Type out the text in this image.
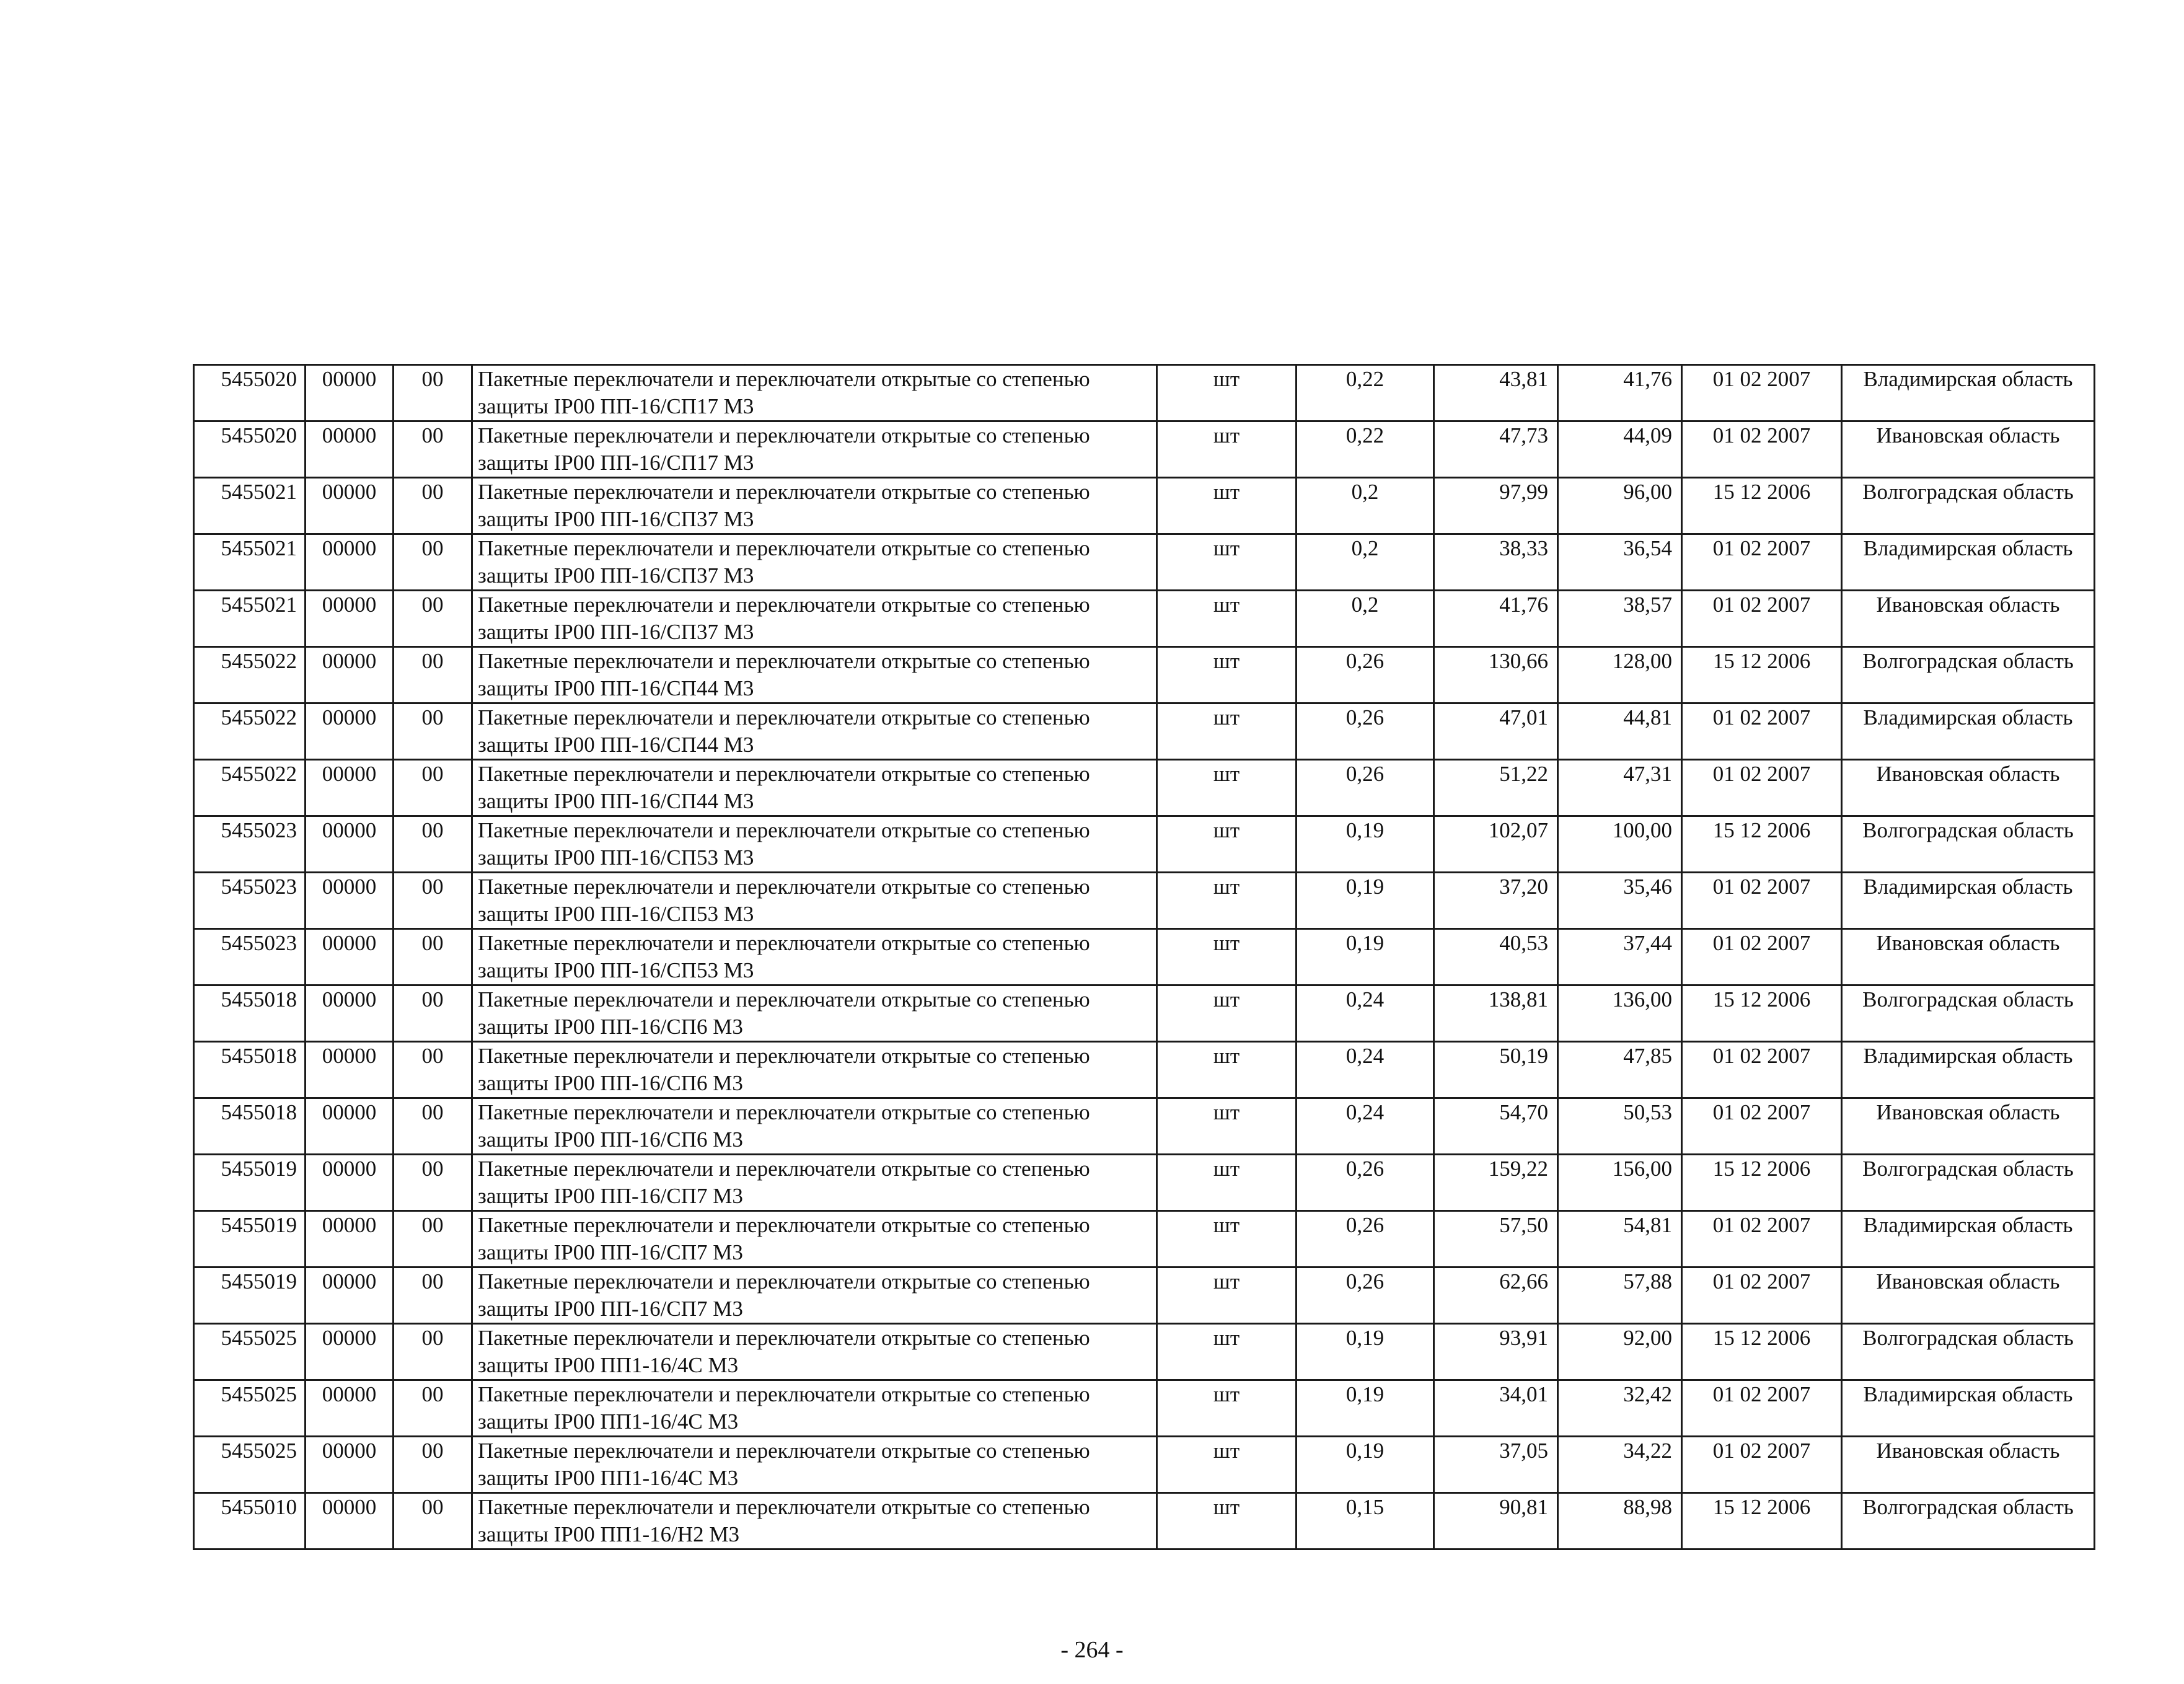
5455020	00000	00	Пакетные переключатели и переключатели открытые со степенью защиты IP00 ПП-16/СП17 М3	шт	0,22	43,81	41,76	01 02 2007	Владимирская область
5455020	00000	00	Пакетные переключатели и переключатели открытые со степенью защиты IP00 ПП-16/СП17 М3	шт	0,22	47,73	44,09	01 02 2007	Ивановская область
5455021	00000	00	Пакетные переключатели и переключатели открытые со степенью защиты IP00 ПП-16/СП37 М3	шт	0,2	97,99	96,00	15 12 2006	Волгоградская область
5455021	00000	00	Пакетные переключатели и переключатели открытые со степенью защиты IP00 ПП-16/СП37 М3	шт	0,2	38,33	36,54	01 02 2007	Владимирская область
5455021	00000	00	Пакетные переключатели и переключатели открытые со степенью защиты IP00 ПП-16/СП37 М3	шт	0,2	41,76	38,57	01 02 2007	Ивановская область
5455022	00000	00	Пакетные переключатели и переключатели открытые со степенью защиты IP00 ПП-16/СП44 М3	шт	0,26	130,66	128,00	15 12 2006	Волгоградская область
5455022	00000	00	Пакетные переключатели и переключатели открытые со степенью защиты IP00 ПП-16/СП44 М3	шт	0,26	47,01	44,81	01 02 2007	Владимирская область
5455022	00000	00	Пакетные переключатели и переключатели открытые со степенью защиты IP00 ПП-16/СП44 М3	шт	0,26	51,22	47,31	01 02 2007	Ивановская область
5455023	00000	00	Пакетные переключатели и переключатели открытые со степенью защиты IP00 ПП-16/СП53 М3	шт	0,19	102,07	100,00	15 12 2006	Волгоградская область
5455023	00000	00	Пакетные переключатели и переключатели открытые со степенью защиты IP00 ПП-16/СП53 М3	шт	0,19	37,20	35,46	01 02 2007	Владимирская область
5455023	00000	00	Пакетные переключатели и переключатели открытые со степенью защиты IP00 ПП-16/СП53 М3	шт	0,19	40,53	37,44	01 02 2007	Ивановская область
5455018	00000	00	Пакетные переключатели и переключатели открытые со степенью защиты IP00 ПП-16/СП6 М3	шт	0,24	138,81	136,00	15 12 2006	Волгоградская область
5455018	00000	00	Пакетные переключатели и переключатели открытые со степенью защиты IP00 ПП-16/СП6 М3	шт	0,24	50,19	47,85	01 02 2007	Владимирская область
5455018	00000	00	Пакетные переключатели и переключатели открытые со степенью защиты IP00 ПП-16/СП6 М3	шт	0,24	54,70	50,53	01 02 2007	Ивановская область
5455019	00000	00	Пакетные переключатели и переключатели открытые со степенью защиты IP00 ПП-16/СП7 М3	шт	0,26	159,22	156,00	15 12 2006	Волгоградская область
5455019	00000	00	Пакетные переключатели и переключатели открытые со степенью защиты IP00 ПП-16/СП7 М3	шт	0,26	57,50	54,81	01 02 2007	Владимирская область
5455019	00000	00	Пакетные переключатели и переключатели открытые со степенью защиты IP00 ПП-16/СП7 М3	шт	0,26	62,66	57,88	01 02 2007	Ивановская область
5455025	00000	00	Пакетные переключатели и переключатели открытые со степенью защиты IP00 ПП1-16/4С М3	шт	0,19	93,91	92,00	15 12 2006	Волгоградская область
5455025	00000	00	Пакетные переключатели и переключатели открытые со степенью защиты IP00 ПП1-16/4С М3	шт	0,19	34,01	32,42	01 02 2007	Владимирская область
5455025	00000	00	Пакетные переключатели и переключатели открытые со степенью защиты IP00 ПП1-16/4С М3	шт	0,19	37,05	34,22	01 02 2007	Ивановская область
5455010	00000	00	Пакетные переключатели и переключатели открытые со степенью защиты IP00 ПП1-16/Н2 М3	шт	0,15	90,81	88,98	15 12 2006	Волгоградская область
- 264 -
